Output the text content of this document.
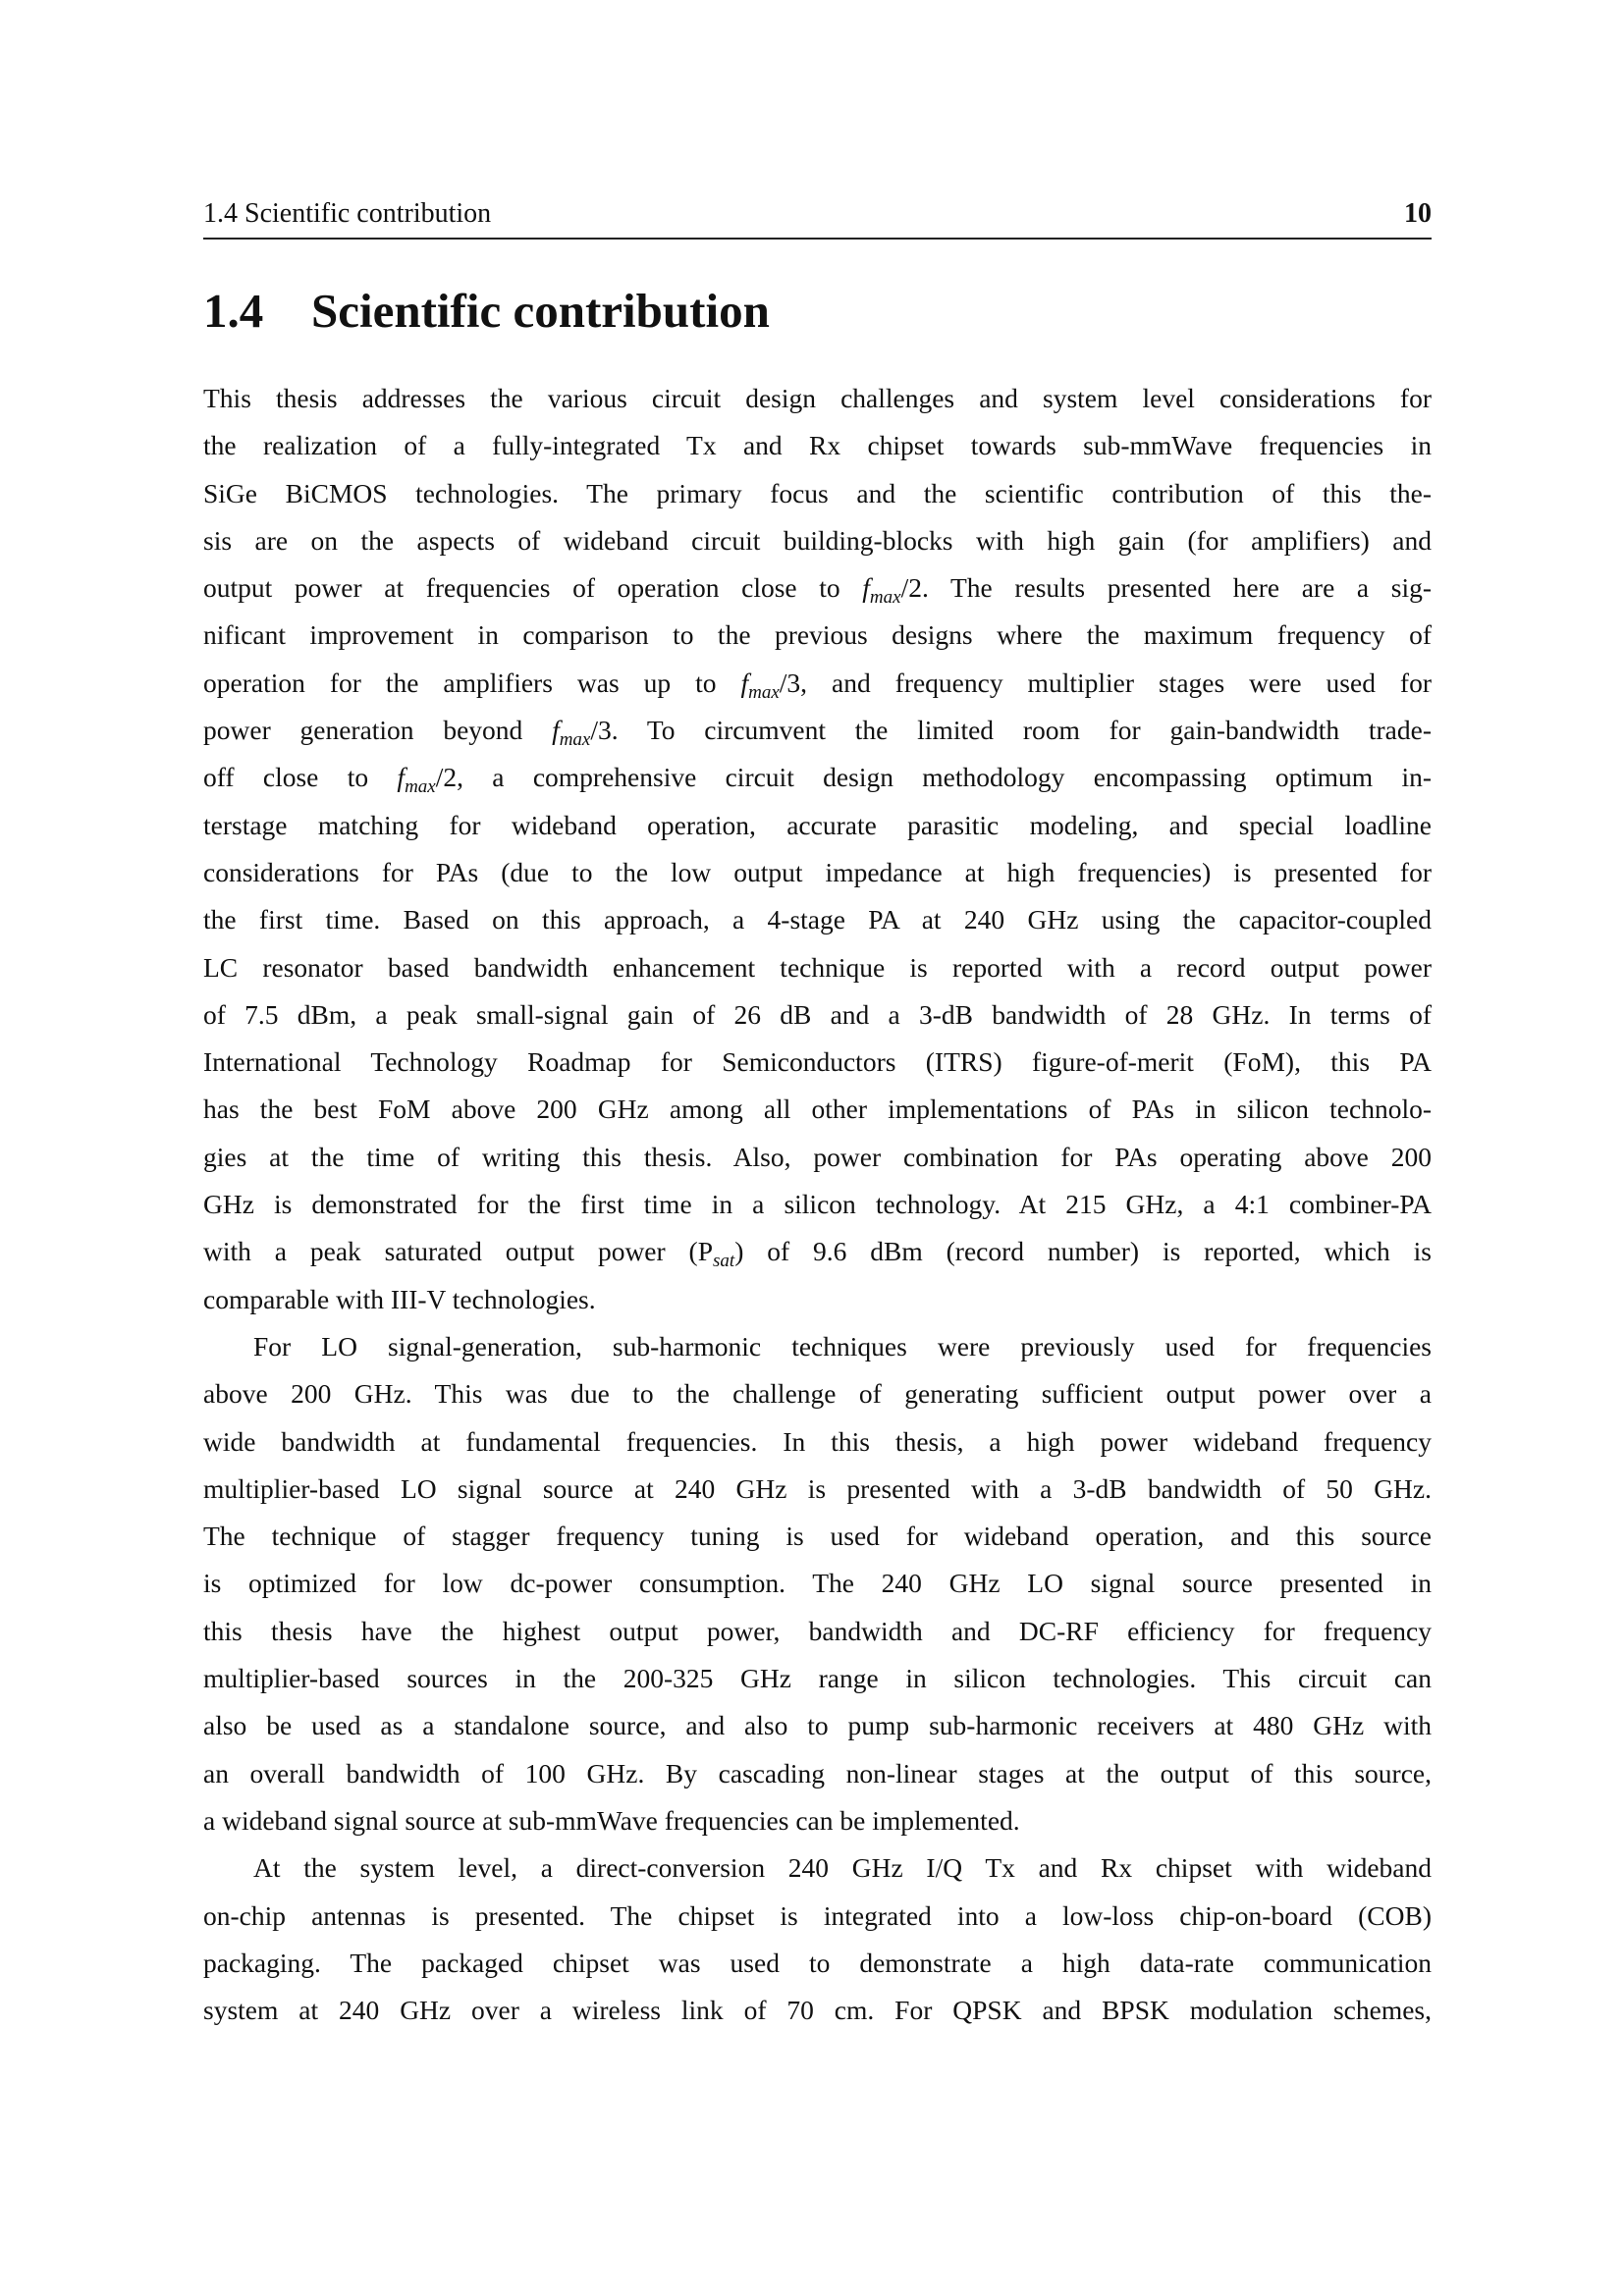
1.4 Scientific contribution	10
1.4 Scientific contribution
This thesis addresses the various circuit design challenges and system level considerations for
the realization of a fully-integrated Tx and Rx chipset towards sub-mmWave frequencies in
SiGe BiCMOS technologies. The primary focus and the scientific contribution of this the-
sis are on the aspects of wideband circuit building-blocks with high gain (for amplifiers) and
output power at frequencies of operation close to $f_{max}/2$. The results presented here are a sig-
nificant improvement in comparison to the previous designs where the maximum frequency of
operation for the amplifiers was up to $f_{max}/3$, and frequency multiplier stages were used for
power generation beyond $f_{max}/3$. To circumvent the limited room for gain-bandwidth trade-
off close to $f_{max}/2$, a comprehensive circuit design methodology encompassing optimum in-
terstage matching for wideband operation, accurate parasitic modeling, and special loadline
considerations for PAs (due to the low output impedance at high frequencies) is presented for
the first time. Based on this approach, a 4-stage PA at 240 GHz using the capacitor-coupled
LC resonator based bandwidth enhancement technique is reported with a record output power
of 7.5 dBm, a peak small-signal gain of 26 dB and a 3-dB bandwidth of 28 GHz. In terms of
International Technology Roadmap for Semiconductors (ITRS) figure-of-merit (FoM), this PA
has the best FoM above 200 GHz among all other implementations of PAs in silicon technolo-
gies at the time of writing this thesis. Also, power combination for PAs operating above 200
GHz is demonstrated for the first time in a silicon technology. At 215 GHz, a 4:1 combiner-PA
with a peak saturated output power $(P_{sat})$ of 9.6 dBm (record number) is reported, which is
comparable with III-V technologies.
For LO signal-generation, sub-harmonic techniques were previously used for frequencies
above 200 GHz. This was due to the challenge of generating sufficient output power over a
wide bandwidth at fundamental frequencies. In this thesis, a high power wideband frequency
multiplier-based LO signal source at 240 GHz is presented with a 3-dB bandwidth of 50 GHz.
The technique of stagger frequency tuning is used for wideband operation, and this source
is optimized for low dc-power consumption. The 240 GHz LO signal source presented in
this thesis have the highest output power, bandwidth and DC-RF efficiency for frequency
multiplier-based sources in the 200-325 GHz range in silicon technologies. This circuit can
also be used as a standalone source, and also to pump sub-harmonic receivers at 480 GHz with
an overall bandwidth of 100 GHz. By cascading non-linear stages at the output of this source,
a wideband signal source at sub-mmWave frequencies can be implemented.
At the system level, a direct-conversion 240 GHz I/Q Tx and Rx chipset with wideband
on-chip antennas is presented. The chipset is integrated into a low-loss chip-on-board (COB)
packaging. The packaged chipset was used to demonstrate a high data-rate communication
system at 240 GHz over a wireless link of 70 cm. For QPSK and BPSK modulation schemes,
